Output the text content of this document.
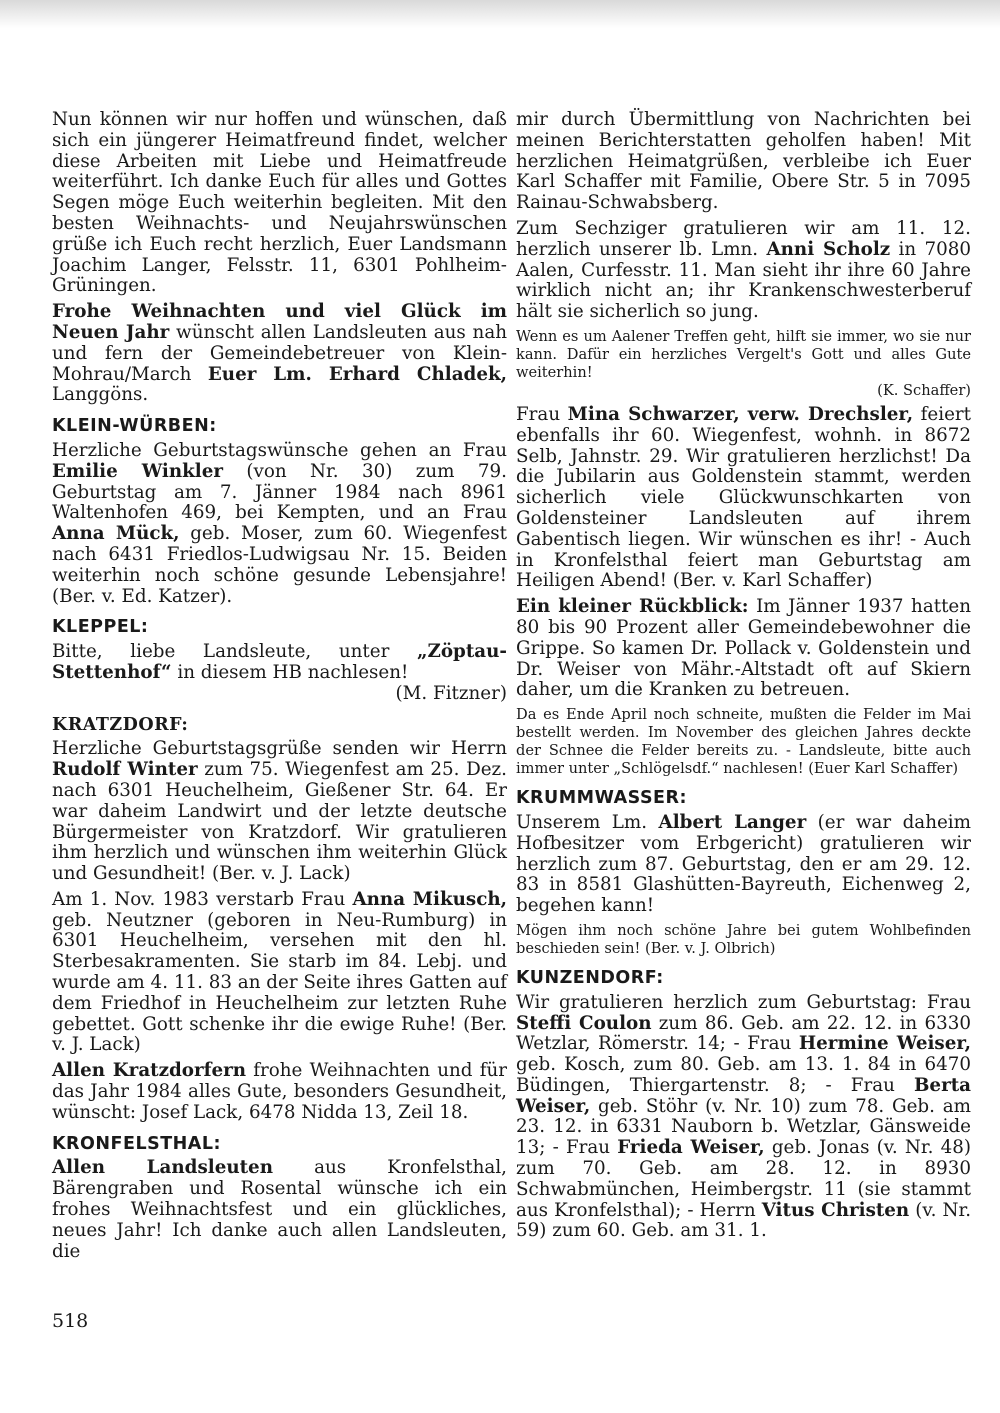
Nun können wir nur hoffen und wünschen, daß sich ein jüngerer Heimatfreund findet, welcher diese Arbeiten mit Liebe und Heimatfreude weiterführt. Ich danke Euch für alles und Gottes Segen möge Euch weiterhin begleiten. Mit den besten Weihnachts- und Neujahrswünschen grüße ich Euch recht herzlich, Euer Landsmann Joachim Langer, Felsstr. 11, 6301 Pohlheim-Grüningen.

Frohe Weihnachten und viel Glück im Neuen Jahr wünscht allen Landsleuten aus nah und fern der Gemeindebetreuer von Klein-Mohrau/March Euer Lm. Erhard Chladek, Langgöns.

KLEIN-WÜRBEN:

Herzliche Geburtstagswünsche gehen an Frau Emilie Winkler (von Nr. 30) zum 79. Geburtstag am 7. Jänner 1984 nach 8961 Waltenhofen 469, bei Kempten, und an Frau Anna Mück, geb. Moser, zum 60. Wiegenfest nach 6431 Friedlos-Ludwigsau Nr. 15. Beiden weiterhin noch schöne gesunde Lebensjahre! (Ber. v. Ed. Katzer).

KLEPPEL:

Bitte, liebe Landsleute, unter „Zöptau-Stettenhof“ in diesem HB nachlesen!
(M. Fitzner)

KRATZDORF:

Herzliche Geburtstagsgrüße senden wir Herrn Rudolf Winter zum 75. Wiegenfest am 25. Dez. nach 6301 Heuchelheim, Gießener Str. 64. Er war daheim Landwirt und der letzte deutsche Bürgermeister von Kratzdorf. Wir gratulieren ihm herzlich und wünschen ihm weiterhin Glück und Gesundheit! (Ber. v. J. Lack)

Am 1. Nov. 1983 verstarb Frau Anna Mikusch, geb. Neutzner (geboren in Neu-Rumburg) in 6301 Heuchelheim, versehen mit den hl. Sterbesakramenten. Sie starb im 84. Lebj. und wurde am 4. 11. 83 an der Seite ihres Gatten auf dem Friedhof in Heuchelheim zur letzten Ruhe gebettet. Gott schenke ihr die ewige Ruhe! (Ber. v. J. Lack)

Allen Kratzdorfern frohe Weihnachten und für das Jahr 1984 alles Gute, besonders Gesundheit, wünscht: Josef Lack, 6478 Nidda 13, Zeil 18.

KRONFELSTHAL:

Allen Landsleuten aus Kronfelsthal, Bärengraben und Rosental wünsche ich ein frohes Weihnachtsfest und ein glückliches, neues Jahr! Ich danke auch allen Landsleuten, die

mir durch Übermittlung von Nachrichten bei meinen Berichterstatten geholfen haben! Mit herzlichen Heimatgrüßen, verbleibe ich Euer Karl Schaffer mit Familie, Obere Str. 5 in 7095 Rainau-Schwabsberg.

Zum Sechziger gratulieren wir am 11. 12. herzlich unserer lb. Lmn. Anni Scholz in 7080 Aalen, Curfesstr. 11. Man sieht ihr ihre 60 Jahre wirklich nicht an; ihr Krankenschwesterberuf hält sie sicherlich so jung.

Wenn es um Aalener Treffen geht, hilft sie immer, wo sie nur kann. Dafür ein herzliches Vergelt's Gott und alles Gute weiterhin!
(K. Schaffer)

Frau Mina Schwarzer, verw. Drechsler, feiert ebenfalls ihr 60. Wiegenfest, wohnh. in 8672 Selb, Jahnstr. 29. Wir gratulieren herzlichst! Da die Jubilarin aus Goldenstein stammt, werden sicherlich viele Glückwunschkarten von Goldensteiner Landsleuten auf ihrem Gabentisch liegen. Wir wünschen es ihr! - Auch in Kronfelsthal feiert man Geburtstag am Heiligen Abend! (Ber. v. Karl Schaffer)

Ein kleiner Rückblick: Im Jänner 1937 hatten 80 bis 90 Prozent aller Gemeindebewohner die Grippe. So kamen Dr. Pollack v. Goldenstein und Dr. Weiser von Mähr.-Altstadt oft auf Skiern daher, um die Kranken zu betreuen.

Da es Ende April noch schneite, mußten die Felder im Mai bestellt werden. Im November des gleichen Jahres deckte der Schnee die Felder bereits zu. - Landsleute, bitte auch immer unter „Schlögelsdf.“ nachlesen! (Euer Karl Schaffer)

KRUMMWASSER:

Unserem Lm. Albert Langer (er war daheim Hofbesitzer vom Erbgericht) gratulieren wir herzlich zum 87. Geburtstag, den er am 29. 12. 83 in 8581 Glashütten-Bayreuth, Eichenweg 2, begehen kann!

Mögen ihm noch schöne Jahre bei gutem Wohlbefinden beschieden sein! (Ber. v. J. Olbrich)

KUNZENDORF:

Wir gratulieren herzlich zum Geburtstag: Frau Steffi Coulon zum 86. Geb. am 22. 12. in 6330 Wetzlar, Römerstr. 14; - Frau Hermine Weiser, geb. Kosch, zum 80. Geb. am 13. 1. 84 in 6470 Büdingen, Thiergartenstr. 8; - Frau Berta Weiser, geb. Stöhr (v. Nr. 10) zum 78. Geb. am 23. 12. in 6331 Nauborn b. Wetzlar, Gänsweide 13; - Frau Frieda Weiser, geb. Jonas (v. Nr. 48) zum 70. Geb. am 28. 12. in 8930 Schwabmünchen, Heimbergstr. 11 (sie stammt aus Kronfelsthal); - Herrn Vitus Christen (v. Nr. 59) zum 60. Geb. am 31. 1.

518
